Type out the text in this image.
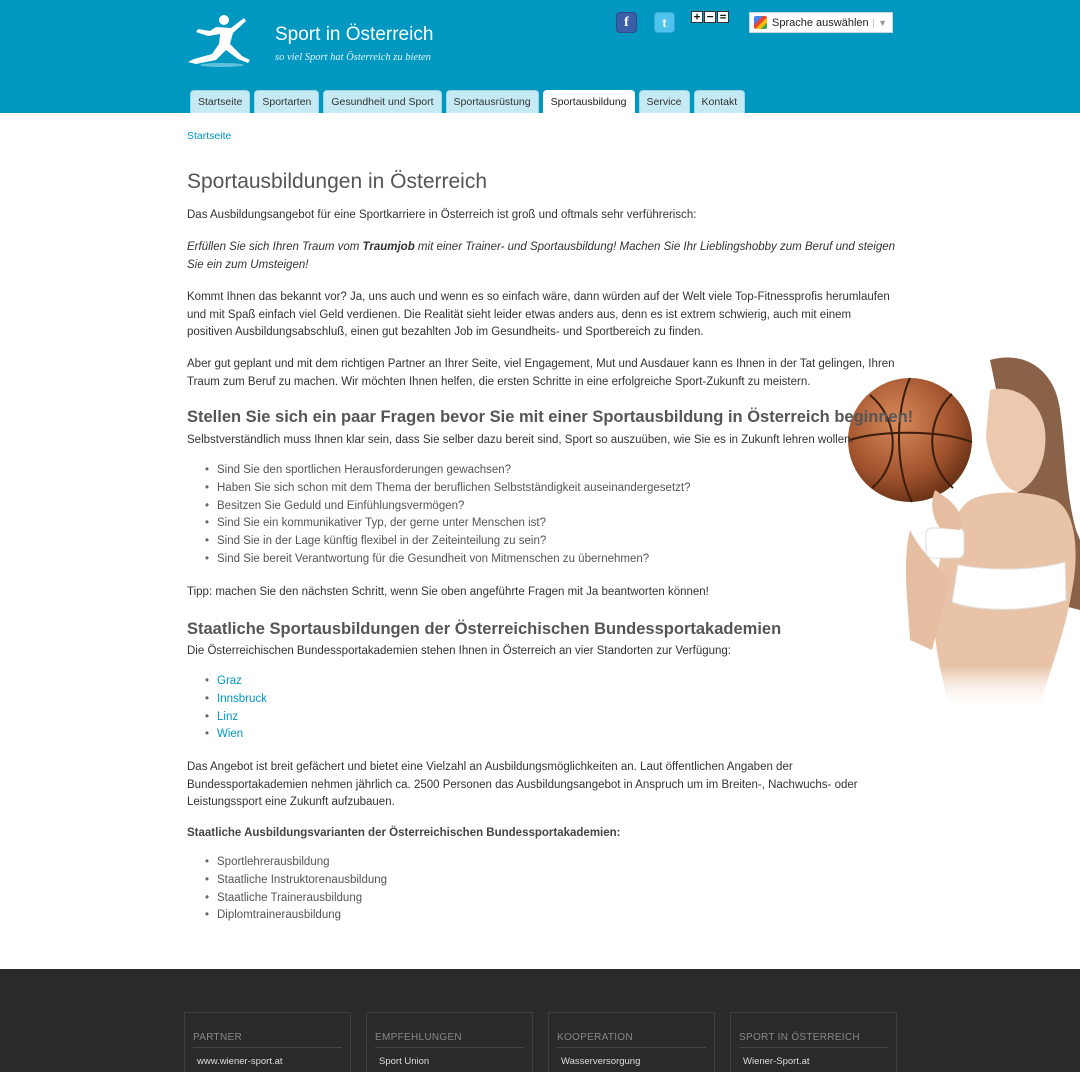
Sport in Österreich
so viel Sport hat Österreich zu bieten
f	t	+ − =	Sprache auswählen	▼
Startseite	Sportarten	Gesundheit und Sport	Sportausrüstung	Sportausbildung	Service	Kontakt
Startseite
Sportausbildungen in Österreich

Das Ausbildungsangebot für eine Sportkarriere in Österreich ist groß und oftmals sehr verführerisch:

Erfüllen Sie sich Ihren Traum vom Traumjob mit einer Trainer- und Sportausbildung! Machen Sie Ihr Lieblingshobby zum Beruf und steigen Sie ein zum Umsteigen!

Kommt Ihnen das bekannt vor? Ja, uns auch und wenn es so einfach wäre, dann würden auf der Welt viele Top-Fitnessprofis herumlaufen und mit Spaß einfach viel Geld verdienen. Die Realität sieht leider etwas anders aus, denn es ist extrem schwierig, auch mit einem positiven Ausbildungsabschluß, einen gut bezahlten Job im Gesundheits- und Sportbereich zu finden.

Aber gut geplant und mit dem richtigen Partner an Ihrer Seite, viel Engagement, Mut und Ausdauer kann es Ihnen in der Tat gelingen, Ihren Traum zum Beruf zu machen. Wir möchten Ihnen helfen, die ersten Schritte in eine erfolgreiche Sport-Zukunft zu meistern.

Stellen Sie sich ein paar Fragen bevor Sie mit einer Sportausbildung in Österreich beginnen!

Selbstverständlich muss Ihnen klar sein, dass Sie selber dazu bereit sind, Sport so auszuüben, wie Sie es in Zukunft lehren wollen.

• Sind Sie den sportlichen Herausforderungen gewachsen?
• Haben Sie sich schon mit dem Thema der beruflichen Selbstständigkeit auseinandergesetzt?
• Besitzen Sie Geduld und Einfühlungsvermögen?
• Sind Sie ein kommunikativer Typ, der gerne unter Menschen ist?
• Sind Sie in der Lage künftig flexibel in der Zeiteinteilung zu sein?
• Sind Sie bereit Verantwortung für die Gesundheit von Mitmenschen zu übernehmen?

Tipp: machen Sie den nächsten Schritt, wenn Sie oben angeführte Fragen mit Ja beantworten können!

Staatliche Sportausbildungen der Österreichischen Bundessportakademien

Die Österreichischen Bundessportakademien stehen Ihnen in Österreich an vier Standorten zur Verfügung:

• Graz
• Innsbruck
• Linz
• Wien

Das Angebot ist breit gefächert und bietet eine Vielzahl an Ausbildungsmöglichkeiten an. Laut öffentlichen Angaben der Bundessportakademien nehmen jährlich ca. 2500 Personen das Ausbildungsangebot in Anspruch um im Breiten-, Nachwuchs- oder Leistungssport eine Zukunft aufzubauen.

Staatliche Ausbildungsvarianten der Österreichischen Bundessportakademien:
• Sportlehrerausbildung
• Staatliche Instruktorenausbildung
• Staatliche Trainerausbildung
• Diplomtrainerausbildung
PARTNER
www.wiener-sport.at
EMPFEHLUNGEN
Sport Union
KOOPERATION
Wasserversorgung
SPORT IN ÖSTERREICH
Wiener-Sport.at
